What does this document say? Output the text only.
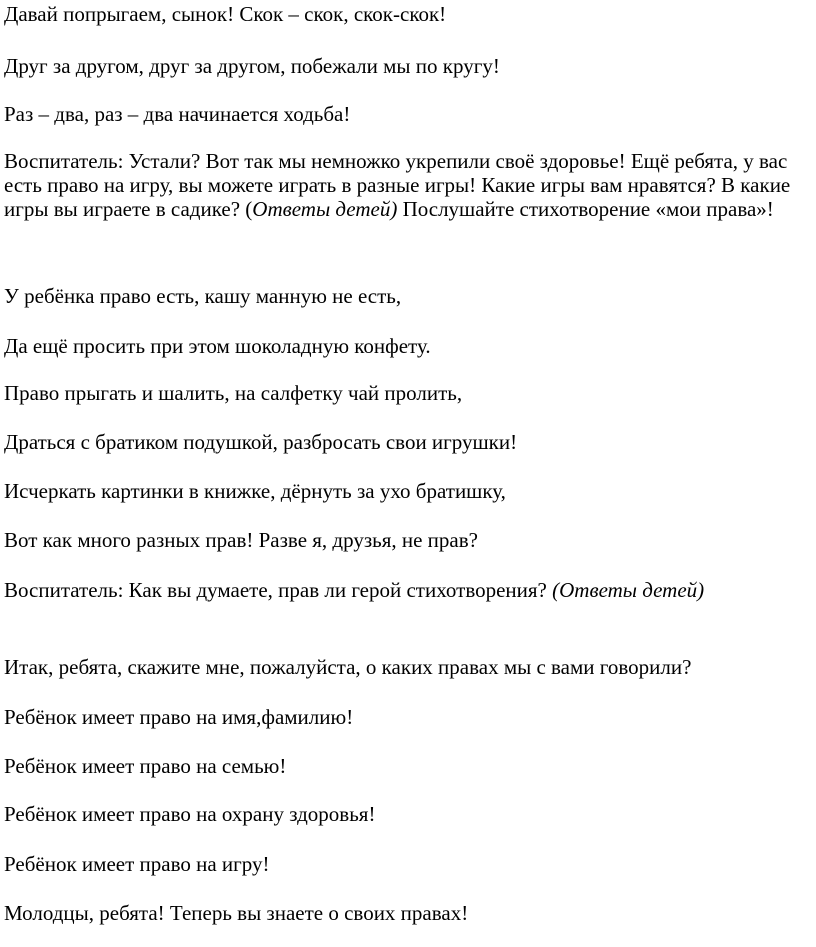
Давай попрыгаем, сынок! Скок – скок, скок-скок!

Друг за другом, друг за другом, побежали мы по кругу!

Раз – два, раз – два начинается ходьба!

Воспитатель: Устали? Вот так мы немножко укрепили своё здоровье! Ещё ребята, у вас есть право на игру, вы можете играть в разные игры! Какие игры вам нравятся? В какие игры вы играете в садике? (Ответы детей) Послушайте стихотворение «мои права»!

У ребёнка право есть, кашу манную не есть,

Да ещё просить при этом шоколадную конфету.

Право прыгать и шалить, на салфетку чай пролить,

Драться с братиком подушкой, разбросать свои игрушки!

Исчеркать картинки в книжке, дёрнуть за ухо братишку,

Вот как много разных прав! Разве я, друзья, не прав?

Воспитатель: Как вы думаете, прав ли герой стихотворения? (Ответы детей)

Итак, ребята, скажите мне, пожалуйста, о каких правах мы с вами говорили?

Ребёнок имеет право на имя,фамилию!

Ребёнок имеет право на семью!

Ребёнок имеет право на охрану здоровья!

Ребёнок имеет право на игру!

Молодцы, ребята! Теперь вы знаете о своих правах!
